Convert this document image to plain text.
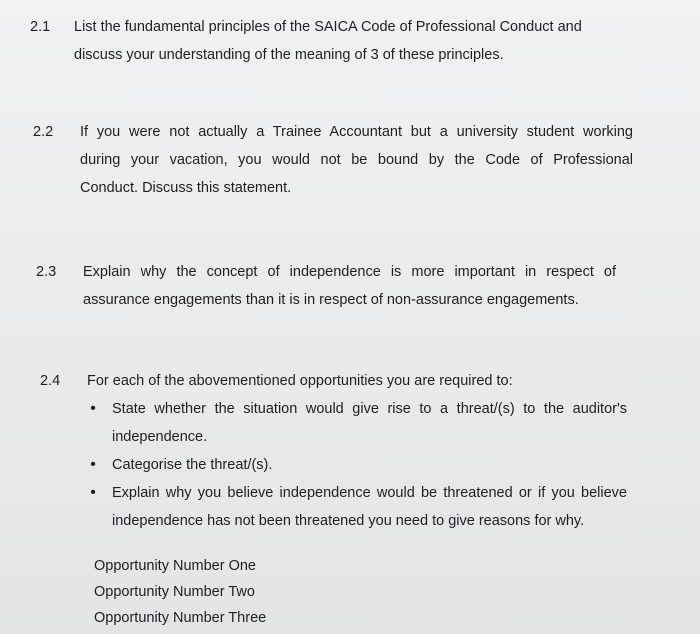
2.1	List the fundamental principles of the SAICA Code of Professional Conduct and
discuss your understanding of the meaning of 3 of these principles.
2.2	If you were not actually a Trainee Accountant but a university student working
during your vacation, you would not be bound by the Code of Professional
Conduct. Discuss this statement.
2.3	Explain why the concept of independence is more important in respect of
assurance engagements than it is in respect of non-assurance engagements.
2.4	For each of the abovementioned opportunities you are required to:
• State whether the situation would give rise to a threat/(s) to the auditor's
independence.
• Categorise the threat/(s).
• Explain why you believe independence would be threatened or if you believe
independence has not been threatened you need to give reasons for why.
Opportunity Number One
Opportunity Number Two
Opportunity Number Three
